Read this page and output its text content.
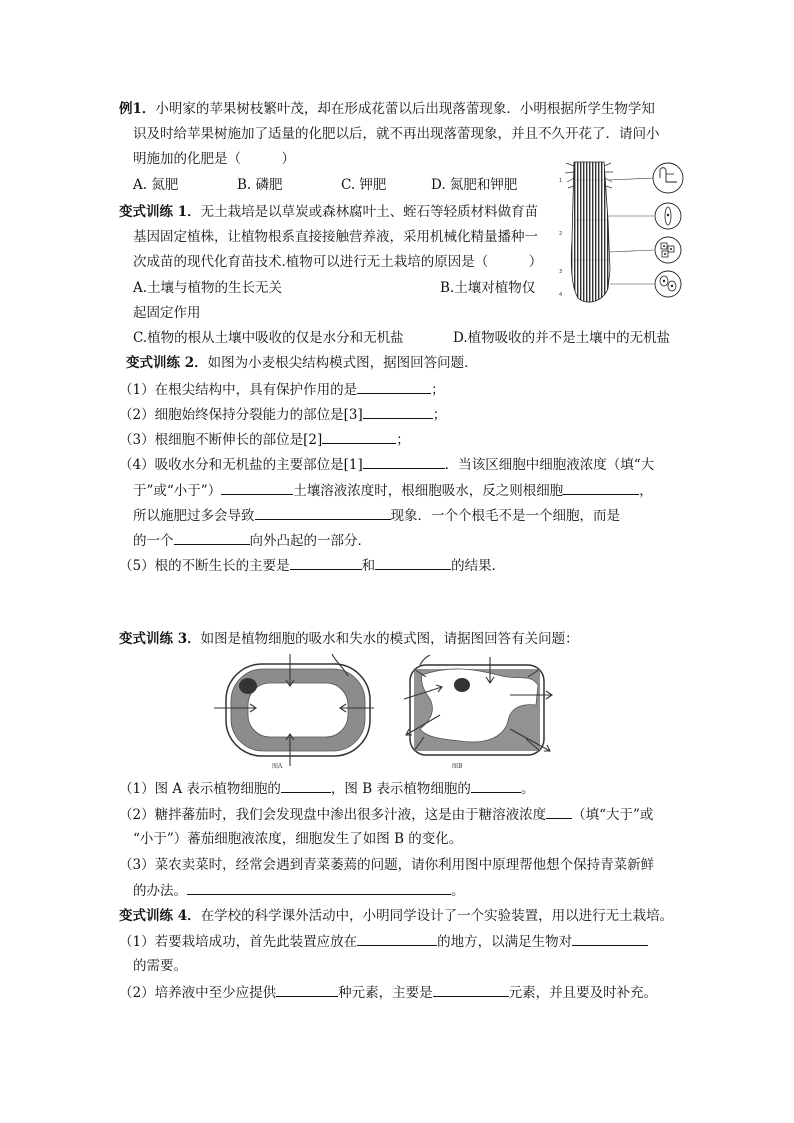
例1．小明家的苹果树枝繁叶茂，却在形成花蕾以后出现落蕾现象．小明根据所学生物学知
识及时给苹果树施加了适量的化肥以后，就不再出现落蕾现象，并且不久开花了．请问小
明施加的化肥是（　　　）
A. 氮肥	B. 磷肥	C. 钾肥	D. 氮肥和钾肥
变式训练 1．无土栽培是以草炭或森林腐叶土、蛭石等轻质材料做育苗
基因固定植株，让植物根系直接接触营养液，采用机械化精量播种一
次成苗的现代化育苗技术.植物可以进行无土栽培的原因是（　　　）
A.土壤与植物的生长无关	B.土壤对植物仅
起固定作用
C.植物的根从土壤中吸收的仅是水分和无机盐	D.植物吸收的并不是土壤中的无机盐
1
2
3
4
变式训练 2．如图为小麦根尖结构模式图，据图回答问题．
（1）在根尖结构中，具有保护作用的是	；
（2）细胞始终保持分裂能力的部位是[3]	；
（3）根细胞不断伸长的部位是[2]	；
（4）吸收水分和无机盐的主要部位是[1]	．当该区细胞中细胞液浓度（填“大
于”或“小于”）	土壤溶液浓度时，根细胞吸水，反之则根细胞	，
所以施肥过多会导致	现象．一个个根毛不是一个细胞，而是
的一个	向外凸起的一部分．
（5）根的不断生长的主要是	和	的结果．
变式训练 3．如图是植物细胞的吸水和失水的模式图，请据图回答有关问题：
图A	图B
（1）图 A 表示植物细胞的	，图 B 表示植物细胞的	。
（2）糖拌蕃茄时，我们会发现盘中渗出很多汁液，这是由于糖溶液浓度 （填“大于”或
“小于”）蕃茄细胞液浓度，细胞发生了如图 B 的变化。
（3）菜农卖菜时，经常会遇到青菜萎蔫的问题，请你利用图中原理帮他想个保持青菜新鲜
的办法。	。
变式训练 4．在学校的科学课外活动中，小明同学设计了一个实验装置，用以进行无土栽培。
（1）若要栽培成功，首先此装置应放在	的地方，以满足生物对
的需要。
（2）培养液中至少应提供	种元素，主要是	元素，并且要及时补充。
